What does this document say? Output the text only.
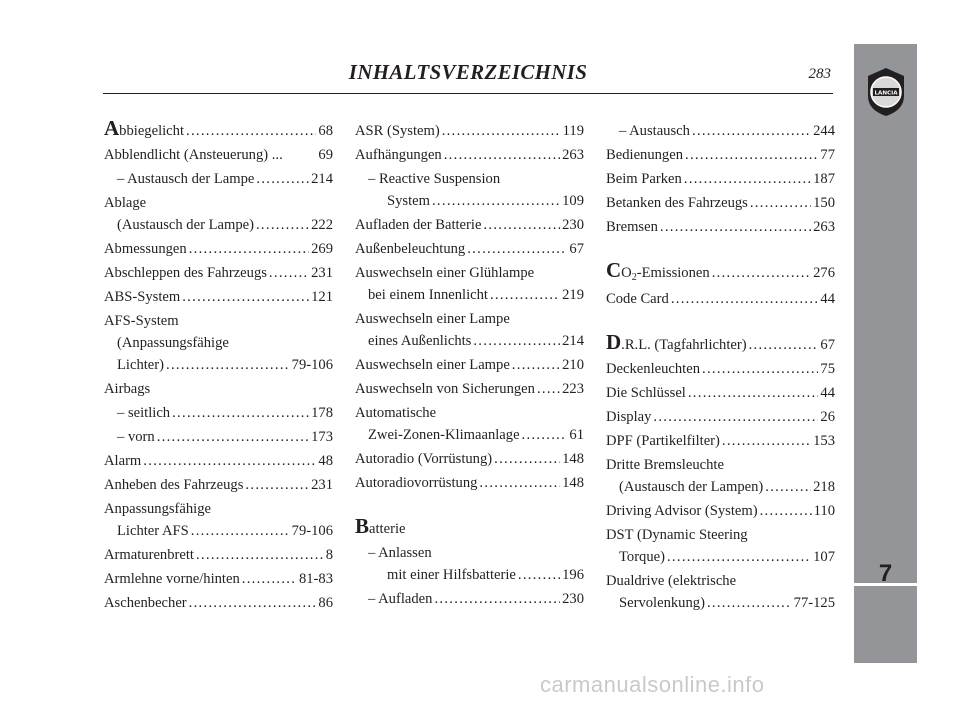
INHALTSVERZEICHNIS	283
A bbiegelicht .....	68
Abblendlicht (Ansteuerung) ... 69
– Austausch der Lampe .....	214
Ablage
(Austausch der Lampe) .....	222
Abmessungen .....	269
Abschleppen des Fahrzeugs .....	231
ABS-System .....	121
AFS-System
(Anpassungsfähige
Lichter) .....	79-106
Airbags
– seitlich .....	178
– vorn .....	173
Alarm .....	48
Anheben des Fahrzeugs .....	231
Anpassungsfähige
Lichter AFS .....	79-106
Armaturenbrett .....	8
Armlehne vorne/hinten .....	81-83
Aschenbecher .....	86
ASR (System) .....	119
Aufhängungen .....	263
– Reactive Suspension
System .....	109
Aufladen der Batterie .....	230
Außenbeleuchtung .....	67
Auswechseln einer Glühlampe
bei einem Innenlicht .....	219
Auswechseln einer Lampe
eines Außenlichts .....	214
Auswechseln einer Lampe .....	210
Auswechseln von Sicherungen ..... 223
Automatische
Zwei-Zonen-Klimaanlage .....	61
Autoradio (Vorrüstung) .....	148
Autoradiovorrüstung .....	148
B atterie
– Anlassen
mit einer Hilfsbatterie .....	196
– Aufladen .....	230
– Austausch .....	244
Bedienungen .....	77
Beim Parken .....	187
Betanken des Fahrzeugs .....	150
Bremsen .....	263
C O 2 -Emissionen .....	276
Code Card .....	44
D .R.L. (Tagfahrlichter) .....	67
Deckenleuchten .....	75
Die Schlüssel .....	44
Display .....	26
DPF (Partikelfilter) .....	153
Dritte Bremsleuchte
(Austausch der Lampen) .....	218
Driving Advisor (System) .....	110
DST (Dynamic Steering
Torque) .....	107
Dualdrive (elektrische
Servolenkung) .....	77-125
7
LANCIA
carmanualsonline.info
